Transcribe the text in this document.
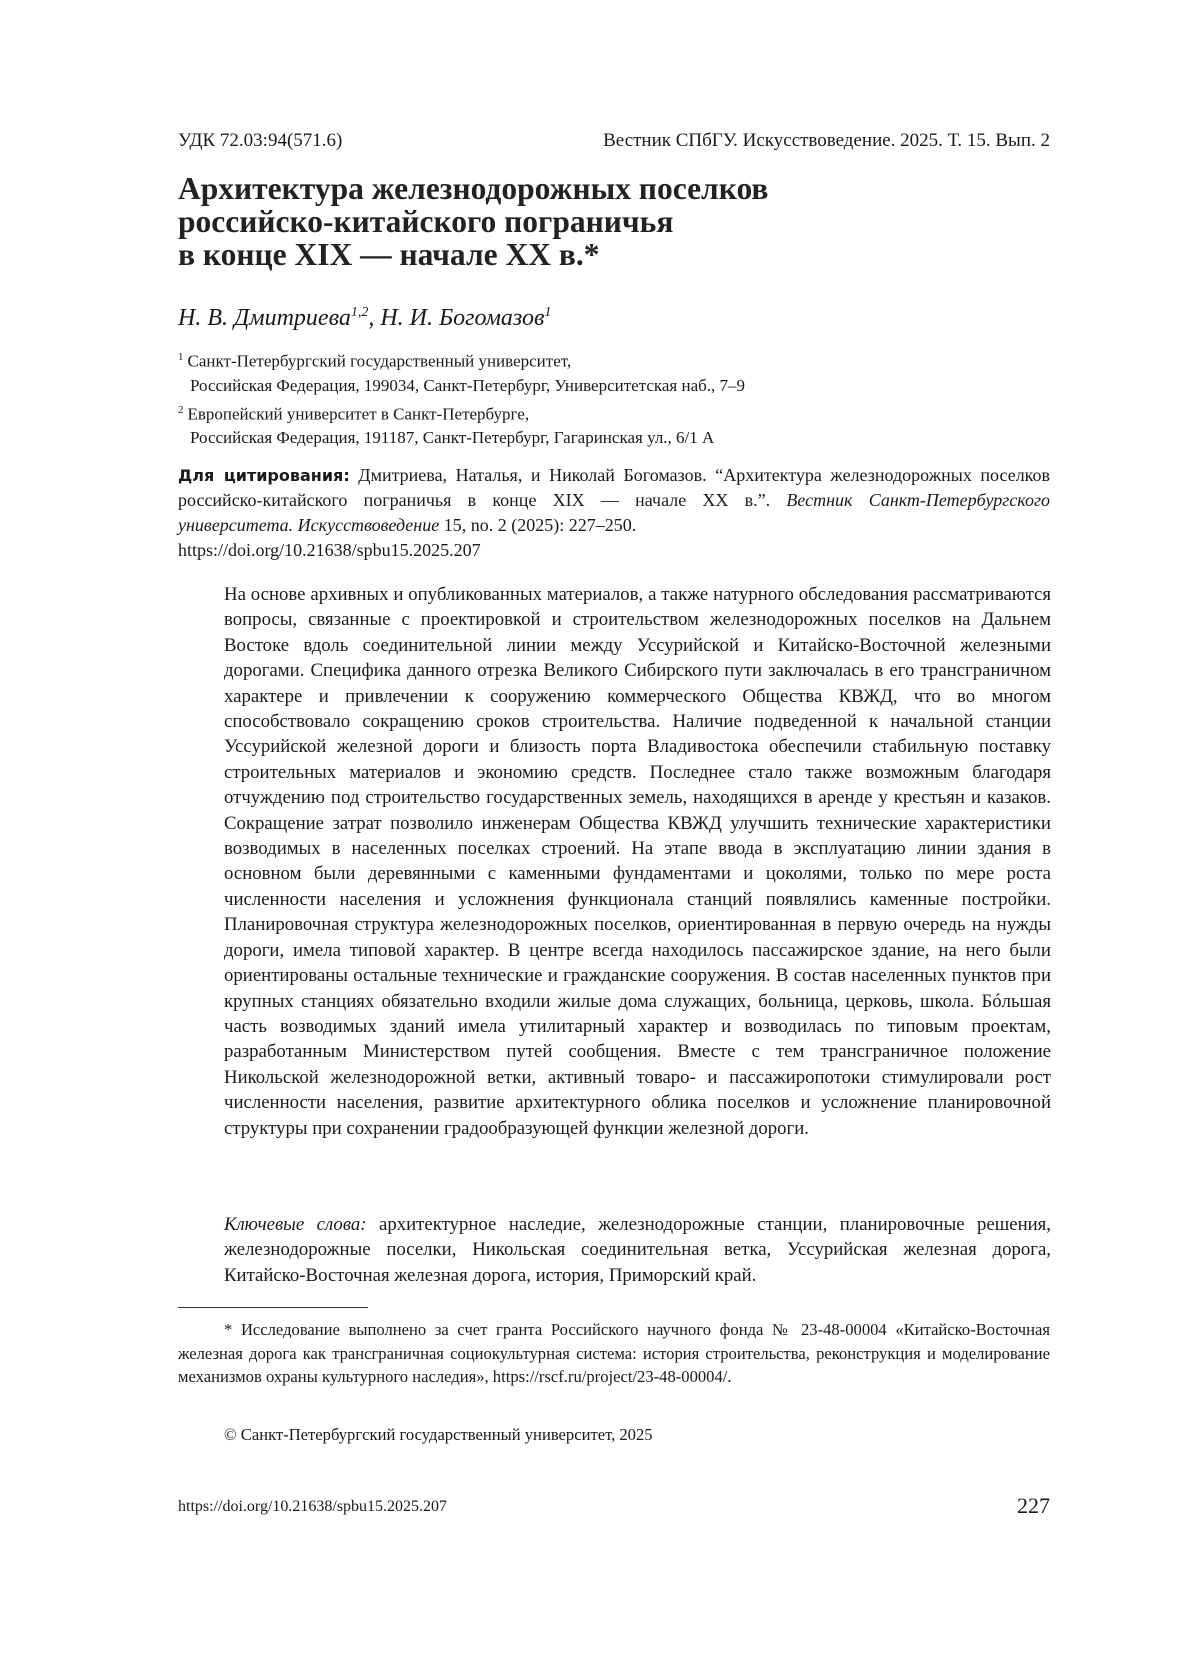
УДК 72.03:94(571.6)	Вестник СПбГУ. Искусствоведение. 2025. Т. 15. Вып. 2
Архитектура железнодорожных поселков
российско-китайского пограничья
в конце XIX — начале XX в.*
Н. В. Дмитриева$^{1,2}$, Н. И. Богомазов$^1$
$^1$ Санкт-Петербургский государственный университет,
Российская Федерация, 199034, Санкт-Петербург, Университетская наб., 7–9
$^2$ Европейский университет в Санкт-Петербурге,
Российская Федерация, 191187, Санкт-Петербург, Гагаринская ул., 6/1 А
Для цитирования: Дмитриева, Наталья, и Николай Богомазов. “Архитектура железнодорожных поселков российско-китайского пограничья в конце XIX — начале XX в.”. Вестник Санкт-Петербургского университета. Искусствоведение 15, no. 2 (2025): 227–250.
https://doi.org/10.21638/spbu15.2025.207

На основе архивных и опубликованных материалов, а также натурного обследования рассматриваются вопросы, связанные с проектировкой и строительством железнодорожных поселков на Дальнем Востоке вдоль соединительной линии между Уссурийской и Китайско-Восточной железными дорогами. Специфика данного отрезка Великого Сибирского пути заключалась в его трансграничном характере и привлечении к сооружению коммерческого Общества КВЖД, что во многом способствовало сокращению сроков строительства. Наличие подведенной к начальной станции Уссурийской железной дороги и близость порта Владивостока обеспечили стабильную поставку строительных материалов и экономию средств. Последнее стало также возможным благодаря отчуждению под строительство государственных земель, находящихся в аренде у крестьян и казаков. Сокращение затрат позволило инженерам Общества КВЖД улучшить технические характеристики возводимых в населенных поселках строений. На этапе ввода в эксплуатацию линии здания в основном были деревянными с каменными фундаментами и цоколями, только по мере роста численности населения и усложнения функционала станций появлялись каменные постройки. Планировочная структура железнодорожных поселков, ориентированная в первую очередь на нужды дороги, имела типовой характер. В центре всегда находилось пассажирское здание, на него были ориентированы остальные технические и гражданские сооружения. В состав населенных пунктов при крупных станциях обязательно входили жилые дома служащих, больница, церковь, школа. Бóльшая часть возводимых зданий имела утилитарный характер и возводилась по типовым проектам, разработанным Министерством путей сообщения. Вместе с тем трансграничное положение Никольской железнодорожной ветки, активный товаро- и пассажиропотоки стимулировали рост численности населения, развитие архитектурного облика поселков и усложнение планировочной структуры при сохранении градообразующей функции железной дороги.

Ключевые слова: архитектурное наследие, железнодорожные станции, планировочные решения, железнодорожные поселки, Никольская соединительная ветка, Уссурийская железная дорога, Китайско-Восточная железная дорога, история, Приморский край.

* Исследование выполнено за счет гранта Российского научного фонда № 23-48-00004 «Китайско-Восточная железная дорога как трансграничная социокультурная система: история строительства, реконструкция и моделирование механизмов охраны культурного наследия», https://rscf.ru/project/23-48-00004/.

© Санкт-Петербургский государственный университет, 2025
https://doi.org/10.21638/spbu15.2025.207	227
